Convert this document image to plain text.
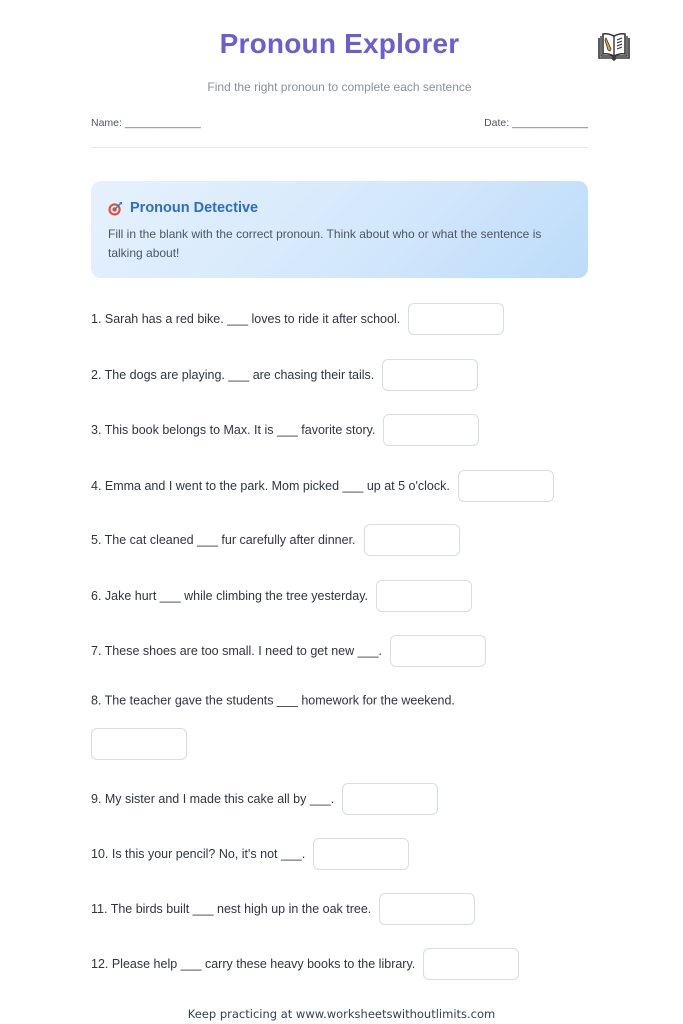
Pronoun Explorer
Find the right pronoun to complete each sentence
Name: _____________	Date: _____________
Pronoun Detective
Fill in the blank with the correct pronoun. Think about who or what the sentence is talking about!
1. Sarah has a red bike. ___ loves to ride it after school.
2. The dogs are playing. ___ are chasing their tails.
3. This book belongs to Max. It is ___ favorite story.
4. Emma and I went to the park. Mom picked ___ up at 5 o'clock.
5. The cat cleaned ___ fur carefully after dinner.
6. Jake hurt ___ while climbing the tree yesterday.
7. These shoes are too small. I need to get new ___.
8. The teacher gave the students ___ homework for the weekend.
9. My sister and I made this cake all by ___.
10. Is this your pencil? No, it's not ___.
11. The birds built ___ nest high up in the oak tree.
12. Please help ___ carry these heavy books to the library.
Keep practicing at www.worksheetswithoutlimits.com
